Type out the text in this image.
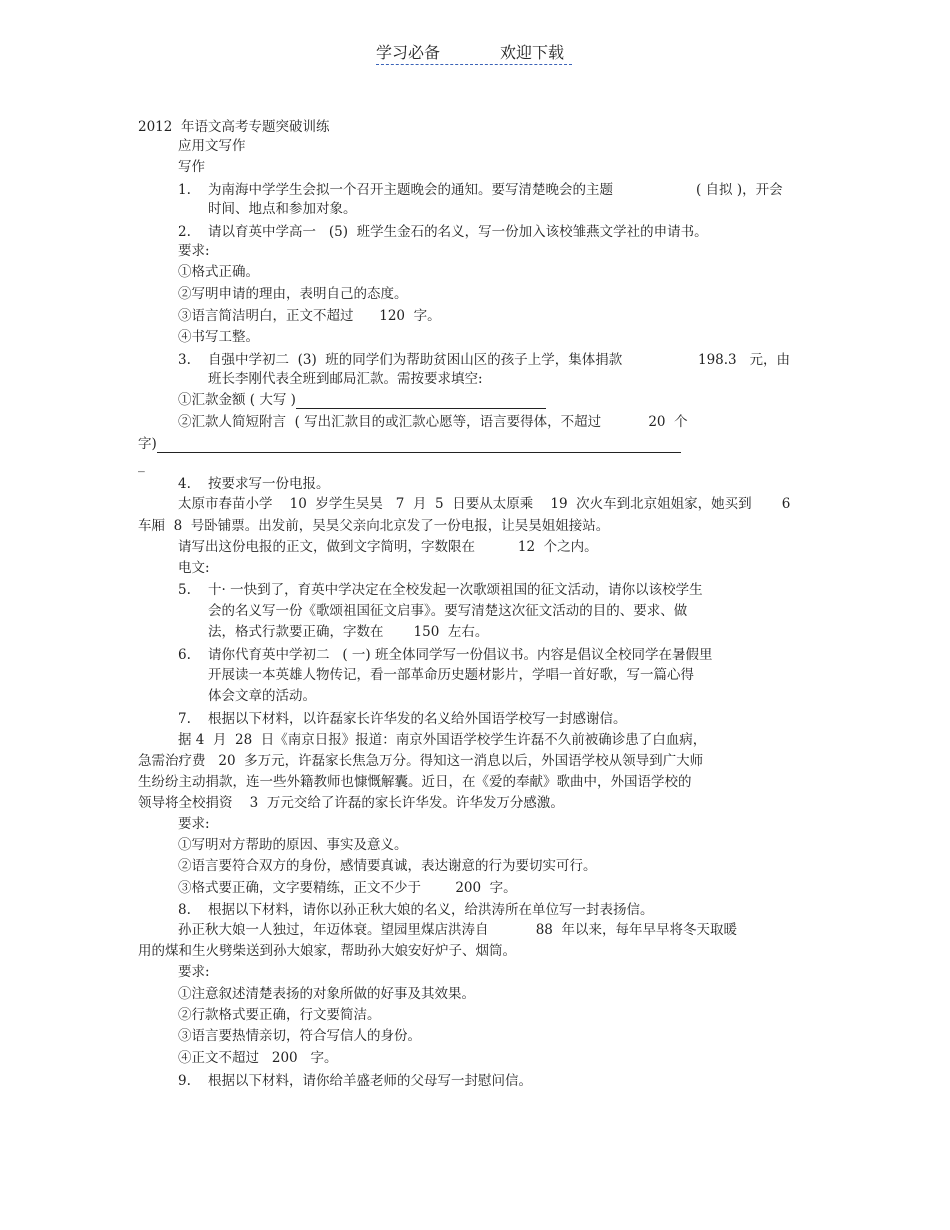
学习必备	欢迎下载
2012  年语文高考专题突破训练
应用文写作
写作
1. 为南海中学学生会拟一个召开主题晚会的通知。要写清楚晚会的主题	( 自拟 )，开会
时间、地点和参加对象。
2. 请以育英中学高一   (5)  班学生金石的名义，写一份加入该校雏燕文学社的申请书。
要求:
①格式正确。
②写明申请的理由，表明自己的态度。
③语言简洁明白，正文不超过      120  字。
④书写工整。
3. 自强中学初二  (3)  班的同学们为帮助贫困山区的孩子上学，集体捐款	198.3   元，由
班长李刚代表全班到邮局汇款。需按要求填空:
①汇款金额 ( 大写 )
②汇款人简短附言  ( 写出汇款目的或汇款心愿等，语言要得体，不超过           20  个
字)
_
4. 按要求写一份电报。
太原市春苗小学    10  岁学生吴昊   7  月  5  日要从太原乘    19  次火车到北京姐姐家，她买到       6
车厢  8  号卧铺票。出发前，吴昊父亲向北京发了一份电报，让吴昊姐姐接站。
请写出这份电报的正文，做到文字简明，字数限在          12  个之内。
电文:
5. 十· 一快到了，育英中学决定在全校发起一次歌颂祖国的征文活动，请你以该校学生
会的名义写一份《歌颂祖国征文启事》。要写清楚这次征文活动的目的、要求、做
法，格式行款要正确，字数在       150  左右。
6. 请你代育英中学初二   ( 一) 班全体同学写一份倡议书。内容是倡议全校同学在暑假里
开展读一本英雄人物传记，看一部革命历史题材影片，学唱一首好歌，写一篇心得
体会文章的活动。
7. 根据以下材料，以许磊家长许华发的名义给外国语学校写一封感谢信。
据 4  月  28  日《南京日报》报道：南京外国语学校学生许磊不久前被确诊患了白血病，
急需治疗费   20  多万元，许磊家长焦急万分。得知这一消息以后，外国语学校从领导到广大师
生纷纷主动捐款，连一些外籍教师也慷慨解囊。近日，在《爱的奉献》歌曲中，外国语学校的
领导将全校捐资    3  万元交给了许磊的家长许华发。许华发万分感激。
要求:
①写明对方帮助的原因、事实及意义。
②语言要符合双方的身份，感情要真诚，表达谢意的行为要切实可行。
③格式要正确，文字要精练，正文不少于        200  字。
8. 根据以下材料，请你以孙正秋大娘的名义，给洪涛所在单位写一封表扬信。
孙正秋大娘一人独过，年迈体衰。望园里煤店洪涛自           88  年以来，每年早早将冬天取暖
用的煤和生火劈柴送到孙大娘家，帮助孙大娘安好炉子、烟筒。
要求:
①注意叙述清楚表扬的对象所做的好事及其效果。
②行款格式要正确，行文要简洁。
③语言要热情亲切，符合写信人的身份。
④正文不超过   200   字。
9. 根据以下材料，请你给羊盛老师的父母写一封慰问信。
